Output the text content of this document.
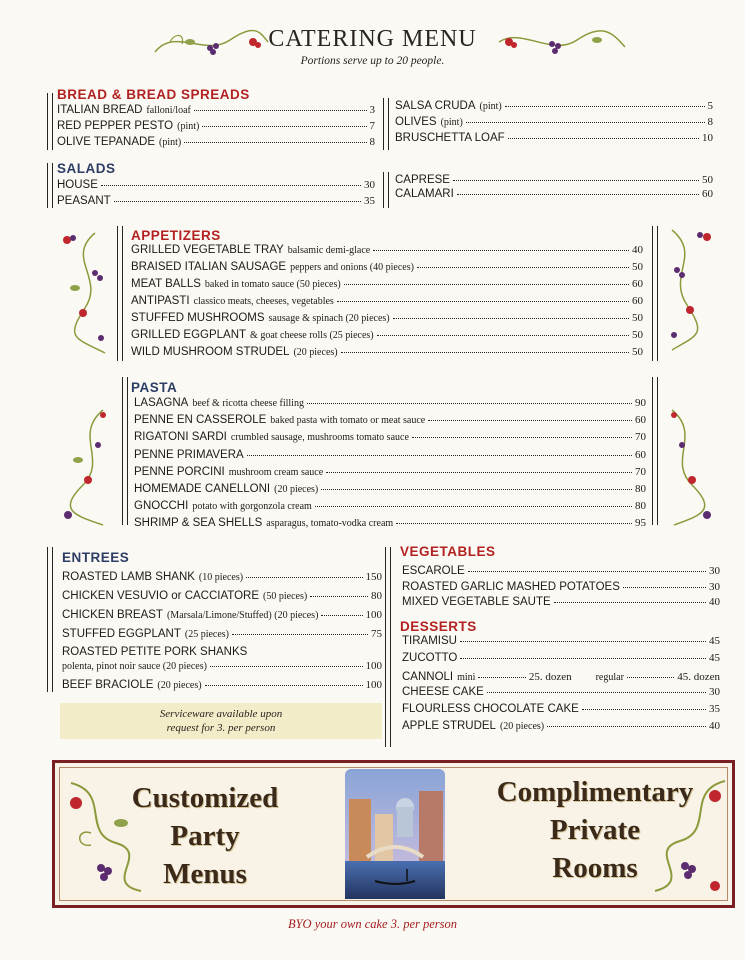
CATERING MENU
Portions serve up to 20 people.
BREAD & BREAD SPREADS
ITALIAN BREAD falloni/loaf	3
RED PEPPER PESTO (pint)	7
OLIVE TEPANADE (pint)	8
SALSA CRUDA (pint)	5
OLIVES (pint)	8
BRUSCHETTA LOAF	10
SALADS
HOUSE	30
PEASANT	35
CAPRESE	50
CALAMARI	60
APPETIZERS
GRILLED VEGETABLE TRAY balsamic demi-glace	40
BRAISED ITALIAN SAUSAGE peppers and onions (40 pieces)	50
MEAT BALLS baked in tomato sauce (50 pieces)	60
ANTIPASTI classico meats, cheeses, vegetables	60
STUFFED MUSHROOMS sausage & spinach (20 pieces)	50
GRILLED EGGPLANT & goat cheese rolls (25 pieces)	50
WILD MUSHROOM STRUDEL (20 pieces)	50
PASTA
LASAGNA beef & ricotta cheese filling	90
PENNE EN CASSEROLE baked pasta with tomato or meat sauce	60
RIGATONI SARDI crumbled sausage, mushrooms tomato sauce	70
PENNE PRIMAVERA	60
PENNE PORCINI mushroom cream sauce	70
HOMEMADE CANELLONI (20 pieces)	80
GNOCCHI potato with gorgonzola cream	80
SHRIMP & SEA SHELLS asparagus, tomato-vodka cream	95
ENTREES
ROASTED LAMB SHANK (10 pieces)	150
CHICKEN VESUVIO or CACCIATORE (50 pieces)	80
CHICKEN BREAST (Marsala/Limone/Stuffed) (20 pieces)	100
STUFFED EGGPLANT (25 pieces)	75
ROASTED PETITE PORK SHANKS
polenta, pinot noir sauce (20 pieces)	100
BEEF BRACIOLE (20 pieces)	100
Serviceware available upon
request for 3. per person
VEGETABLES
ESCAROLE	30
ROASTED GARLIC MASHED POTATOES	30
MIXED VEGETABLE SAUTE	40
DESSERTS
TIRAMISU	45
ZUCOTTO	45
CANNOLI mini	25. dozen regular	45. dozen
CHEESE CAKE	30
FLOURLESS CHOCOLATE CAKE	35
APPLE STRUDEL (20 pieces)	40
Customized
Party
Menus
Complimentary
Private
Rooms
BYO your own cake 3. per person
